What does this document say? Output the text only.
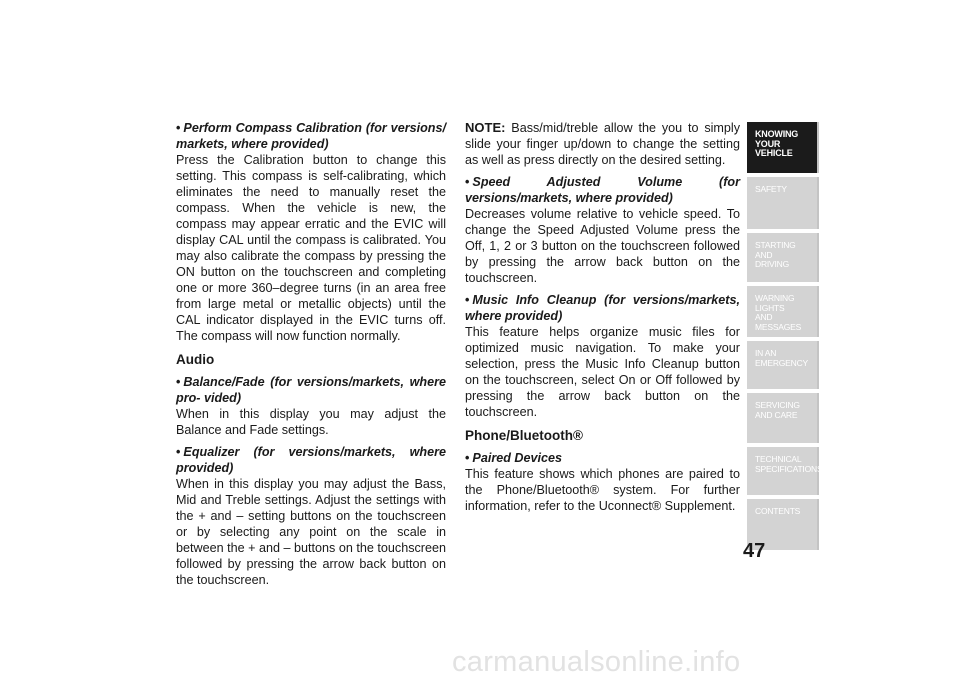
• Perform Compass Calibration (for versions/ markets, where provided)

Press the Calibration button to change this setting. This compass is self-calibrating, which eliminates the need to manually reset the compass. When the vehicle is new, the compass may appear erratic and the EVIC will display CAL until the compass is calibrated. You may also calibrate the compass by pressing the ON button on the touchscreen and completing one or more 360–degree turns (in an area free from large metal or metallic objects) until the CAL indicator displayed in the EVIC turns off. The compass will now function normally.

Audio
• Balance/Fade (for versions/markets, where pro- vided)

When in this display you may adjust the Balance and Fade settings.

• Equalizer (for versions/markets, where provided)

When in this display you may adjust the Bass, Mid and Treble settings. Adjust the settings with the + and – setting buttons on the touchscreen or by selecting any point on the scale in between the + and – buttons on the touchscreen followed by pressing the arrow back button on the touchscreen.

NOTE: Bass/mid/treble allow the you to simply slide your finger up/down to change the setting as well as press directly on the desired setting.

• Speed Adjusted Volume (for versions/markets, where provided)

Decreases volume relative to vehicle speed. To change the Speed Adjusted Volume press the Off, 1, 2 or 3 button on the touchscreen followed by pressing the arrow back button on the touchscreen.

• Music Info Cleanup (for versions/markets, where provided)

This feature helps organize music files for optimized music navigation. To make your selection, press the Music Info Cleanup button on the touchscreen, select On or Off followed by pressing the arrow back button on the touchscreen.

Phone/Bluetooth®
• Paired Devices

This feature shows which phones are paired to the Phone/Bluetooth® system. For further information, refer to the Uconnect® Supplement.

KNOWING
YOUR
VEHICLE
SAFETY
STARTING
AND
DRIVING
WARNING
LIGHTS
AND
MESSAGES
IN AN
EMERGENCY
SERVICING
AND CARE
TECHNICAL
SPECIFICATIONS
CONTENTS
47
carmanualsonline.info
